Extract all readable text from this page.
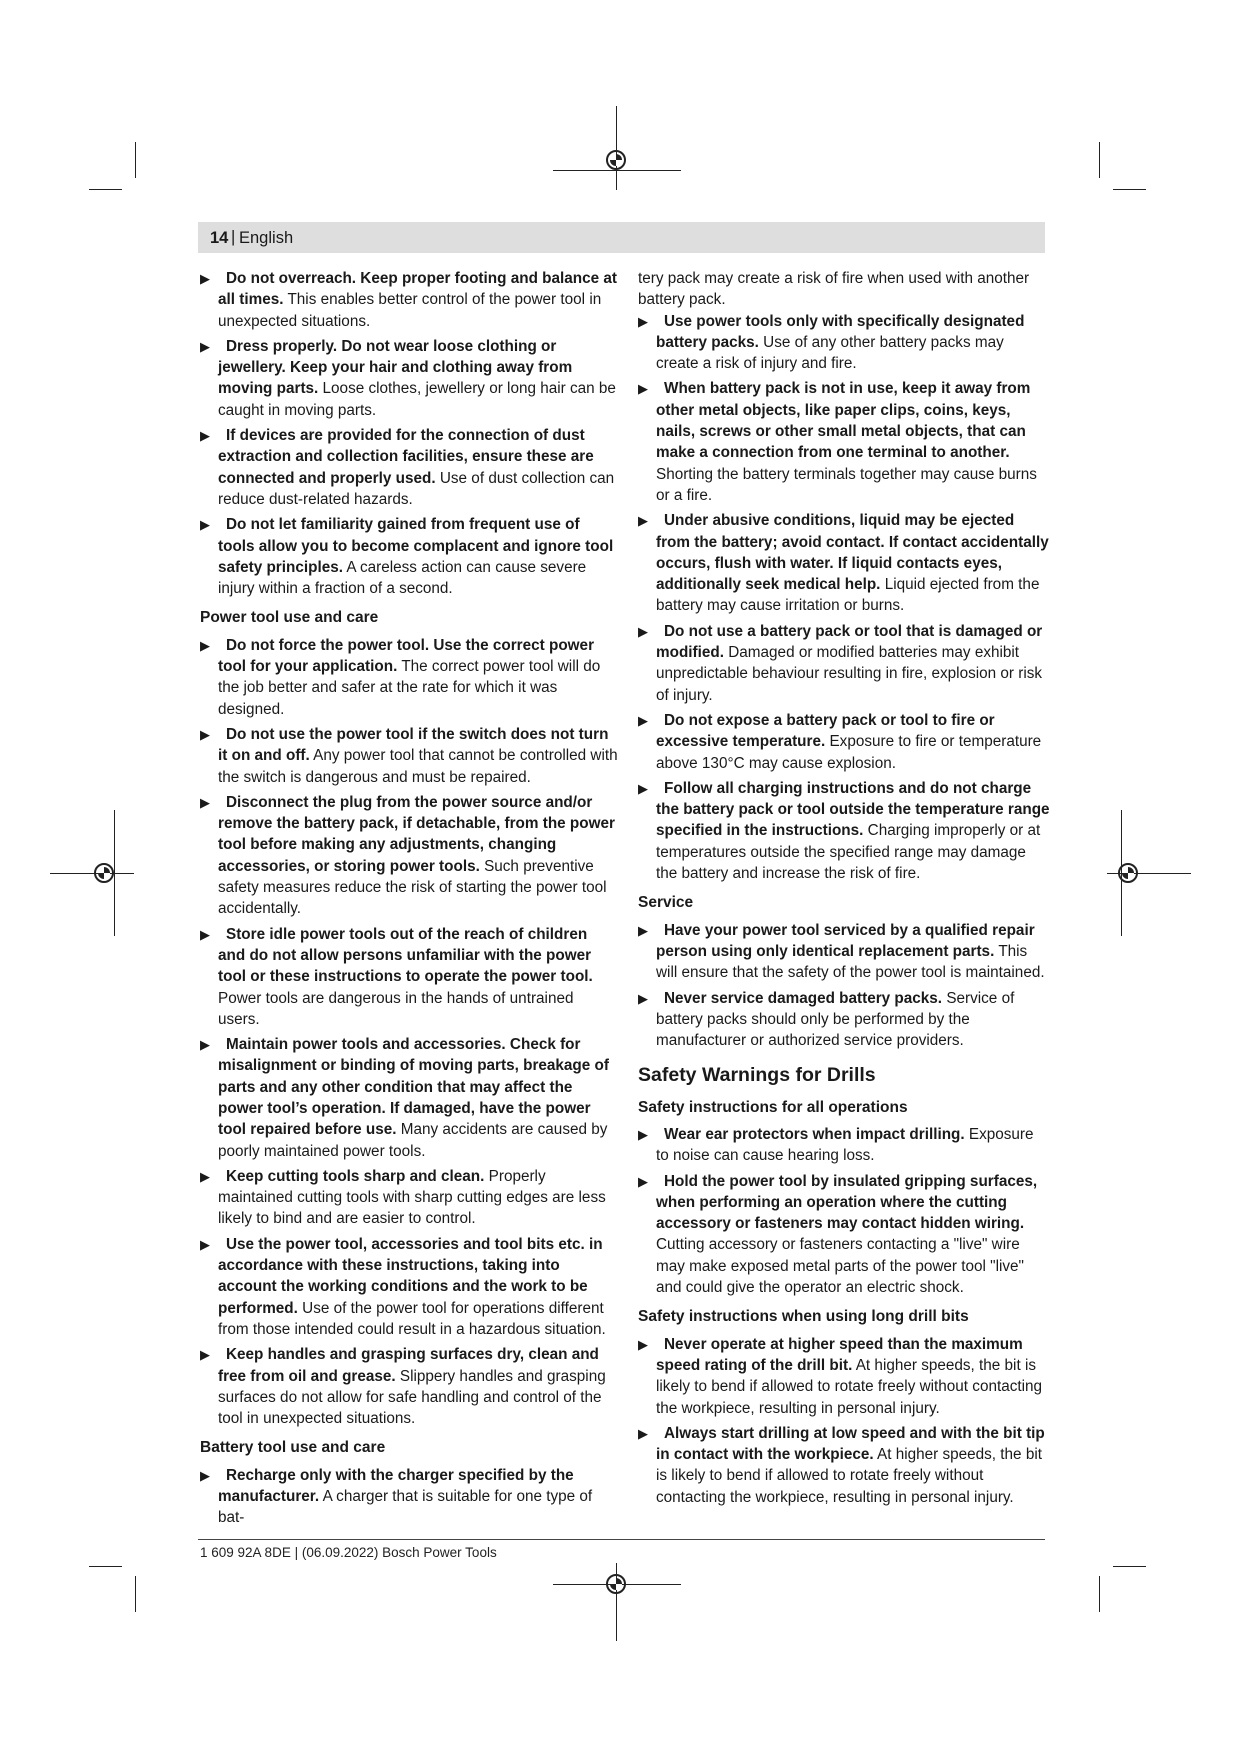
14 | English
▶ Do not overreach. Keep proper footing and balance at all times. This enables better control of the power tool in unexpected situations.
▶ Dress properly. Do not wear loose clothing or jewellery. Keep your hair and clothing away from moving parts. Loose clothes, jewellery or long hair can be caught in moving parts.
▶ If devices are provided for the connection of dust extraction and collection facilities, ensure these are connected and properly used. Use of dust collection can reduce dust-related hazards.
▶ Do not let familiarity gained from frequent use of tools allow you to become complacent and ignore tool safety principles. A careless action can cause severe injury within a fraction of a second.
Power tool use and care
▶ Do not force the power tool. Use the correct power tool for your application. The correct power tool will do the job better and safer at the rate for which it was designed.
▶ Do not use the power tool if the switch does not turn it on and off. Any power tool that cannot be controlled with the switch is dangerous and must be repaired.
▶ Disconnect the plug from the power source and/or remove the battery pack, if detachable, from the power tool before making any adjustments, changing accessories, or storing power tools. Such preventive safety measures reduce the risk of starting the power tool accidentally.
▶ Store idle power tools out of the reach of children and do not allow persons unfamiliar with the power tool or these instructions to operate the power tool. Power tools are dangerous in the hands of untrained users.
▶ Maintain power tools and accessories. Check for misalignment or binding of moving parts, breakage of parts and any other condition that may affect the power tool’s operation. If damaged, have the power tool repaired before use. Many accidents are caused by poorly maintained power tools.
▶ Keep cutting tools sharp and clean. Properly maintained cutting tools with sharp cutting edges are less likely to bind and are easier to control.
▶ Use the power tool, accessories and tool bits etc. in accordance with these instructions, taking into account the working conditions and the work to be performed. Use of the power tool for operations different from those intended could result in a hazardous situation.
▶ Keep handles and grasping surfaces dry, clean and free from oil and grease. Slippery handles and grasping surfaces do not allow for safe handling and control of the tool in unexpected situations.
Battery tool use and care
▶ Recharge only with the charger specified by the manufacturer. A charger that is suitable for one type of bat-

tery pack may create a risk of fire when used with another battery pack.

▶ Use power tools only with specifically designated battery packs. Use of any other battery packs may create a risk of injury and fire.
▶ When battery pack is not in use, keep it away from other metal objects, like paper clips, coins, keys, nails, screws or other small metal objects, that can make a connection from one terminal to another. Shorting the battery terminals together may cause burns or a fire.
▶ Under abusive conditions, liquid may be ejected from the battery; avoid contact. If contact accidentally occurs, flush with water. If liquid contacts eyes, additionally seek medical help. Liquid ejected from the battery may cause irritation or burns.
▶ Do not use a battery pack or tool that is damaged or modified. Damaged or modified batteries may exhibit unpredictable behaviour resulting in fire, explosion or risk of injury.
▶ Do not expose a battery pack or tool to fire or excessive temperature. Exposure to fire or temperature above 130°C may cause explosion.
▶ Follow all charging instructions and do not charge the battery pack or tool outside the temperature range specified in the instructions. Charging improperly or at temperatures outside the specified range may damage the battery and increase the risk of fire.
Service
▶ Have your power tool serviced by a qualified repair person using only identical replacement parts. This will ensure that the safety of the power tool is maintained.
▶ Never service damaged battery packs. Service of battery packs should only be performed by the manufacturer or authorized service providers.
Safety Warnings for Drills
Safety instructions for all operations
▶ Wear ear protectors when impact drilling. Exposure to noise can cause hearing loss.
▶ Hold the power tool by insulated gripping surfaces, when performing an operation where the cutting accessory or fasteners may contact hidden wiring. Cutting accessory or fasteners contacting a "live" wire may make exposed metal parts of the power tool "live" and could give the operator an electric shock.
Safety instructions when using long drill bits
▶ Never operate at higher speed than the maximum speed rating of the drill bit. At higher speeds, the bit is likely to bend if allowed to rotate freely without contacting the workpiece, resulting in personal injury.
▶ Always start drilling at low speed and with the bit tip in contact with the workpiece. At higher speeds, the bit is likely to bend if allowed to rotate freely without contacting the workpiece, resulting in personal injury.
1 609 92A 8DE | (06.09.2022) Bosch Power Tools
